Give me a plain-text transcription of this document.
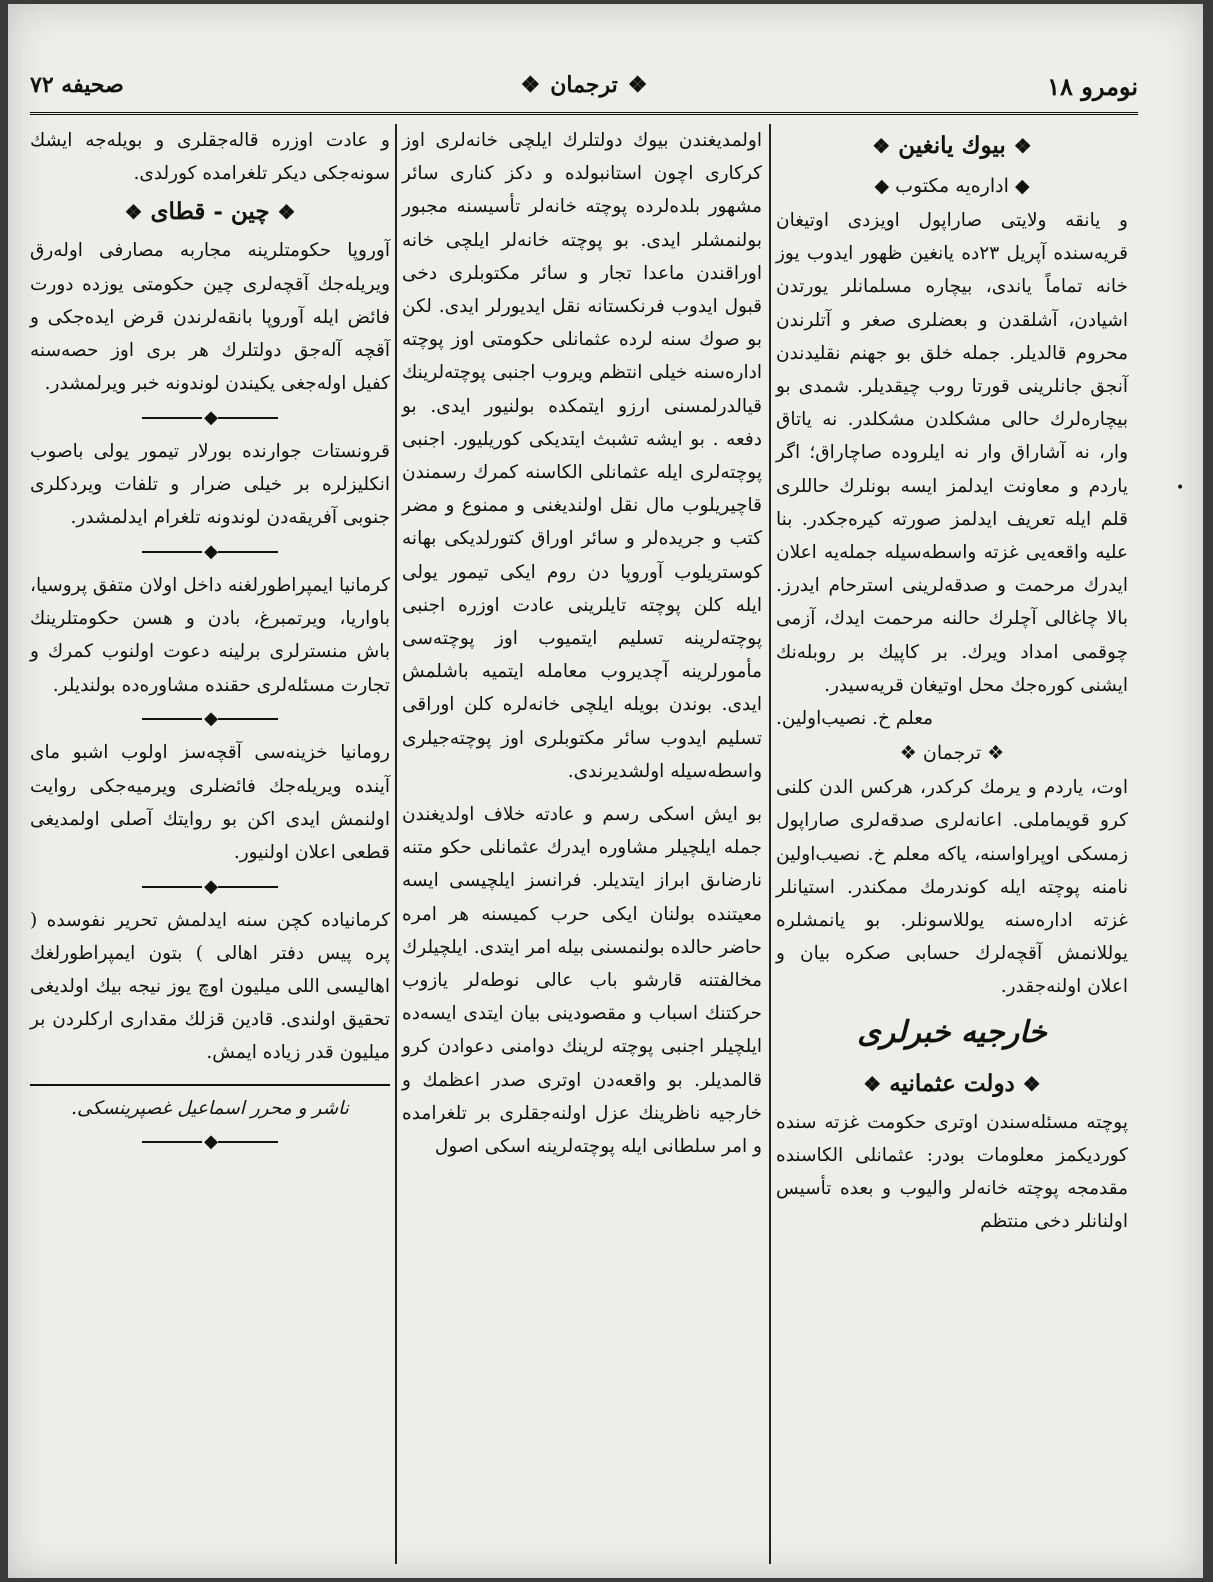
نومرو ۱۸
❖ترجمان❖
صحيفه ۷۲
❖بيوك يانغين❖
◆ اداره‌يه مكتوب ◆

و يانقه ولايتى صاراپول اويزدى اوتيغان قريه‌سنده آپريل ۲۳ده يانغين ظهور ايدوب يوز خانه تماماً ياندى، بيچاره مسلمانلر يورتدن اشيادن، آشلقدن و بعضلرى صغر و آتلرندن محروم قالديلر. جمله خلق بو جهنم نقليدندن آنجق جانلرينى قورتا روب چيقديلر. شمدى بو بيچاره‌لرك حالى مشكلدن مشكلدر. نه ياتاق وار، نه آشاراق وار نه ايلروده صاچاراق؛ اگر ياردم و معاونت ايدلمز ايسه بونلرك حاللرى قلم ايله تعريف ايدلمز صورته كيره‌جكدر. بنا عليه واقعه‌يى غزته واسطه‌سيله جمله‌يه اعلان ايدرك مرحمت و صدقه‌لرينى استرحام ايدرز. بالا چاغالى آچلرك حالنه مرحمت ايدك، آزمى چوقمى امداد ويرك. بر كاپيك بر روبله‌نك ايشنى كوره‌جك محل اوتيغان قريه‌سيدر.

معلم خ. نصيب‌اولين.

❖ ترجمان ❖

اوت، ياردم و يرمك كركدر، هركس الدن كلنى كرو قويماملى. اعانه‌لرى صدقه‌لرى صاراپول زمسكى اوپراواسنه، ياكه معلم خ. نصيب‌اولين نامنه پوچته ايله كوندرمك ممكندر. استيانلر غزته اداره‌سنه يوللاسونلر. بو يانمشلره يوللانمش آقچه‌لرك حسابى صكره بيان و اعلان اولنه‌جقدر.

خارجيه خبرلرى
❖دولت عثمانيه❖

پوچته مسئله‌سندن اوترى حكومت غزته سنده كورديكمز معلومات بودر: عثمانلى الكاسنده مقدمجه پوچته خانه‌لر واليوب و بعده تأسيس اولنانلر دخى منتظم

اولمديغندن بيوك دولتلرك ايلچى خانه‌لرى اوز كركارى اچون استانبولده و دكز كنارى سائر مشهور بلده‌لرده پوچته خانه‌لر تأسيسنه مجبور بولنمشلر ايدى. بو پوچته خانه‌لر ايلچى خانه اوراقندن ماعدا تجار و سائر مكتوبلرى دخى قبول ايدوب فرنكستانه نقل ايديورلر ايدى. لكن بو صوك سنه لرده عثمانلى حكومتى اوز پوچته اداره‌سنه خيلى انتظم ويروب اجنبى پوچته‌لرينك قيالدرلمسنى ارزو ايتمكده بولنيور ايدى. بو دفعه . بو ايشه تشبث ايتديكى كوريليور. اجنبى پوچته‌لرى ايله عثمانلى الكاسنه كمرك رسمندن قاچيريلوب مال نقل اولنديغنى و ممنوع و مضر كتب و جريده‌لر و سائر اوراق كتورلديكى بهانه كوستريلوب آوروپا دن روم ايكى تيمور يولى ايله كلن پوچته تايلرينى عادت اوزره اجنبى پوچته‌لرينه تسليم ايتميوب اوز پوچته‌سى مأمورلرينه آچديروب معامله ايتميه باشلمش ايدى. بوندن بويله ايلچى خانه‌لره كلن اوراقى تسليم ايدوب سائر مكتوبلرى اوز پوچته‌جيلرى واسطه‌سيله اولشديرندى.

بو ايش اسكى رسم و عادته خلاف اولديغندن جمله ايلچيلر مشاوره ايدرك عثمانلى حكو متنه نارضاىق ابراز ايتديلر. فرانسز ايلچيسى ايسه معيتنده بولنان ايكى حرب كميسنه هر امره حاضر حالده بولنمسنى بيله امر ايتدى. ايلچيلرك مخالفتنه قارشو باب عالى نوطه‌لر يازوب حركتنك اسباب و مقصودينى بيان ايتدى ايسه‌ده ايلچيلر اجنبى پوچته لرينك دوامنى دعوادن كرو قالمديلر. بو واقعه‌دن اوترى صدر اعظمك و خارجيه ناظرينك عزل اولنه‌جقلرى بر تلغرامده و امر سلطانى ايله پوچته‌لرينه اسكى اصول

و عادت اوزره قاله‌جقلرى و بويله‌جه ايشك سونه‌جكى ديكر تلغرامده كورلدى.

❖چين - قطاى❖

آوروپا حكومتلرينه مجاربه مصارفى اوله‌رق ويريله‌جك آقچه‌لرى چين حكومتى يوزده دورت فائض ايله آوروپا بانقه‌لرندن قرض ايده‌جكى و آقچه آله‌جق دولتلرك هر برى اوز حصه‌سنه كفيل اوله‌جغى يكيندن لوندونه خبر ويرلمشدر.

◆

قرونستات جوارنده بورلار تيمور يولى باصوب انكليزلره بر خيلى ضرار و تلفات ويردكلرى جنوبى آفريقه‌دن لوندونه تلغرام ايدلمشدر.

◆

كرمانيا ايمپراطورلغنه داخل اولان متفق پروسيا، باواريا، ويرتمبرغ، بادن و هسن حكومتلرينك باش منسترلرى برلينه دعوت اولنوب كمرك و تجارت مسئله‌لرى حقنده مشاوره‌ده بولنديلر.

◆

رومانيا خزينه‌سى آقچه‌سز اولوب اشبو ماى آينده ويريله‌جك فائضلرى ويرميه‌جكى روايت اولنمش ايدى اكن بو روايتك آصلى اولمديغى قطعى اعلان اولنيور.

◆

كرمانياده كچن سنه ايدلمش تحرير نفوسده ( پره پيس دفتر اهالى ) بتون ايمپراطورلغك اهاليسى اللى ميليون اوچ يوز نيجه بيك اولديغى تحقيق اولندى. قادين قزلك مقدارى اركلردن بر ميليون قدر زياده ايمش.

ناشر و محرر اسماعيل غصپرينسكى.

◆
•
